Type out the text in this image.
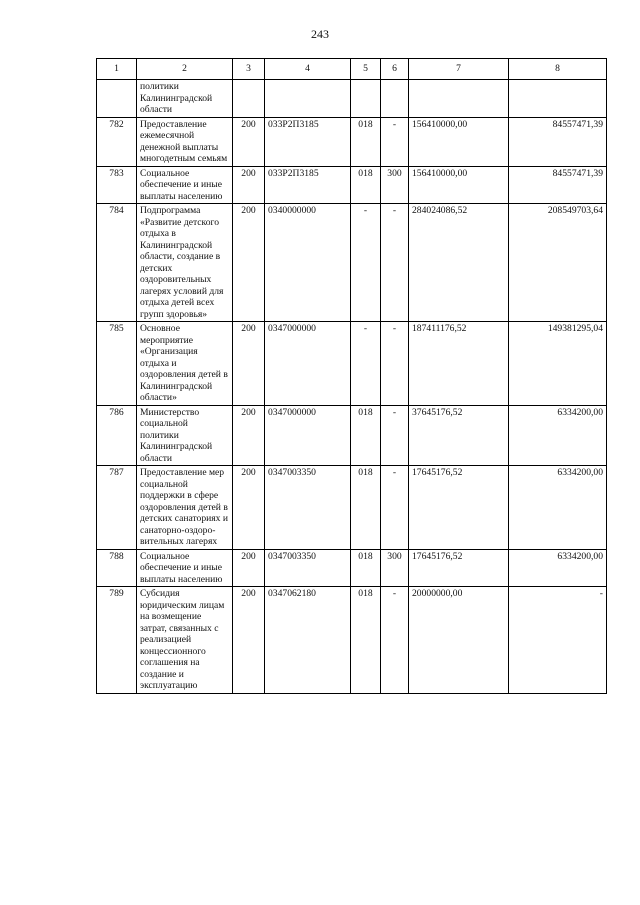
243
1	2	3	4	5	6	7	8
	политики Калининградской области						
782	Предоставление ежемесячной денежной выплаты многодетным семьям	200	033Р2П3185	018	-	156410000,00	84557471,39
783	Социальное обеспечение и иные выплаты населению	200	033Р2П3185	018	300	156410000,00	84557471,39
784	Подпрограмма «Развитие детского отдыха в Калининградской области, создание в детских оздоровительных лагерях условий для отдыха детей всех групп здоровья»	200	0340000000	-	-	284024086,52	208549703,64
785	Основное мероприятие «Организация отдыха и оздоровления детей в Калининградской области»	200	0347000000	-	-	187411176,52	149381295,04
786	Министерство социальной политики Калининградской области	200	0347000000	018	-	37645176,52	6334200,00
787	Предоставление мер социальной поддержки в сфере оздоровления детей в детских санаториях и санаторно-оздоро-вительных лагерях	200	0347003350	018	-	17645176,52	6334200,00
788	Социальное обеспечение и иные выплаты населению	200	0347003350	018	300	17645176,52	6334200,00
789	Субсидия юридическим лицам на возмещение затрат, связанных с реализацией концессионного соглашения на создание и эксплуатацию	200	0347062180	018	-	20000000,00	-
